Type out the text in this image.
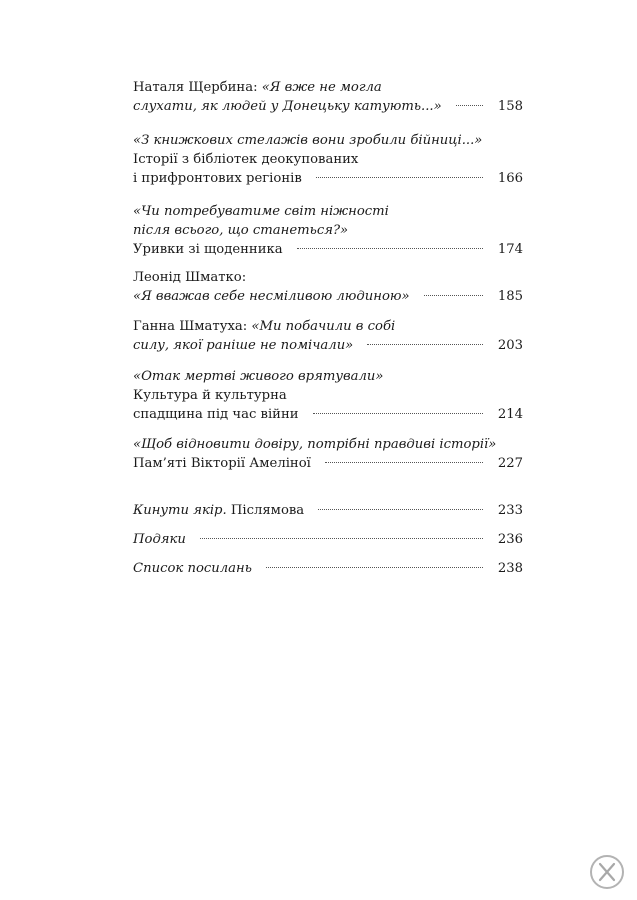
Наталя Щербина: «Я вже не могла
слухати, як людей у Донецьку катують...»	158
«З книжкових стелажів вони зробили бійниці...»
Історії з бібліотек деокупованих
і прифронтових регіонів	166
«Чи потребуватиме світ ніжності
після всього, що станеться?»
Уривки зі щоденника	174
Леонід Шматко:
«Я вважав себе несміливою людиною»	185
Ганна Шматуха: «Ми побачили в собі
силу, якої раніше не помічали»	203
«Отак мертві живого врятували»
Культура й культурна
спадщина під час війни	214
«Щоб відновити довіру, потрібні правдиві історії»
Пам’яті Вікторії Амеліної	227
Кинути якір. Післямова	233
Подяки	236
Список посилань	238
